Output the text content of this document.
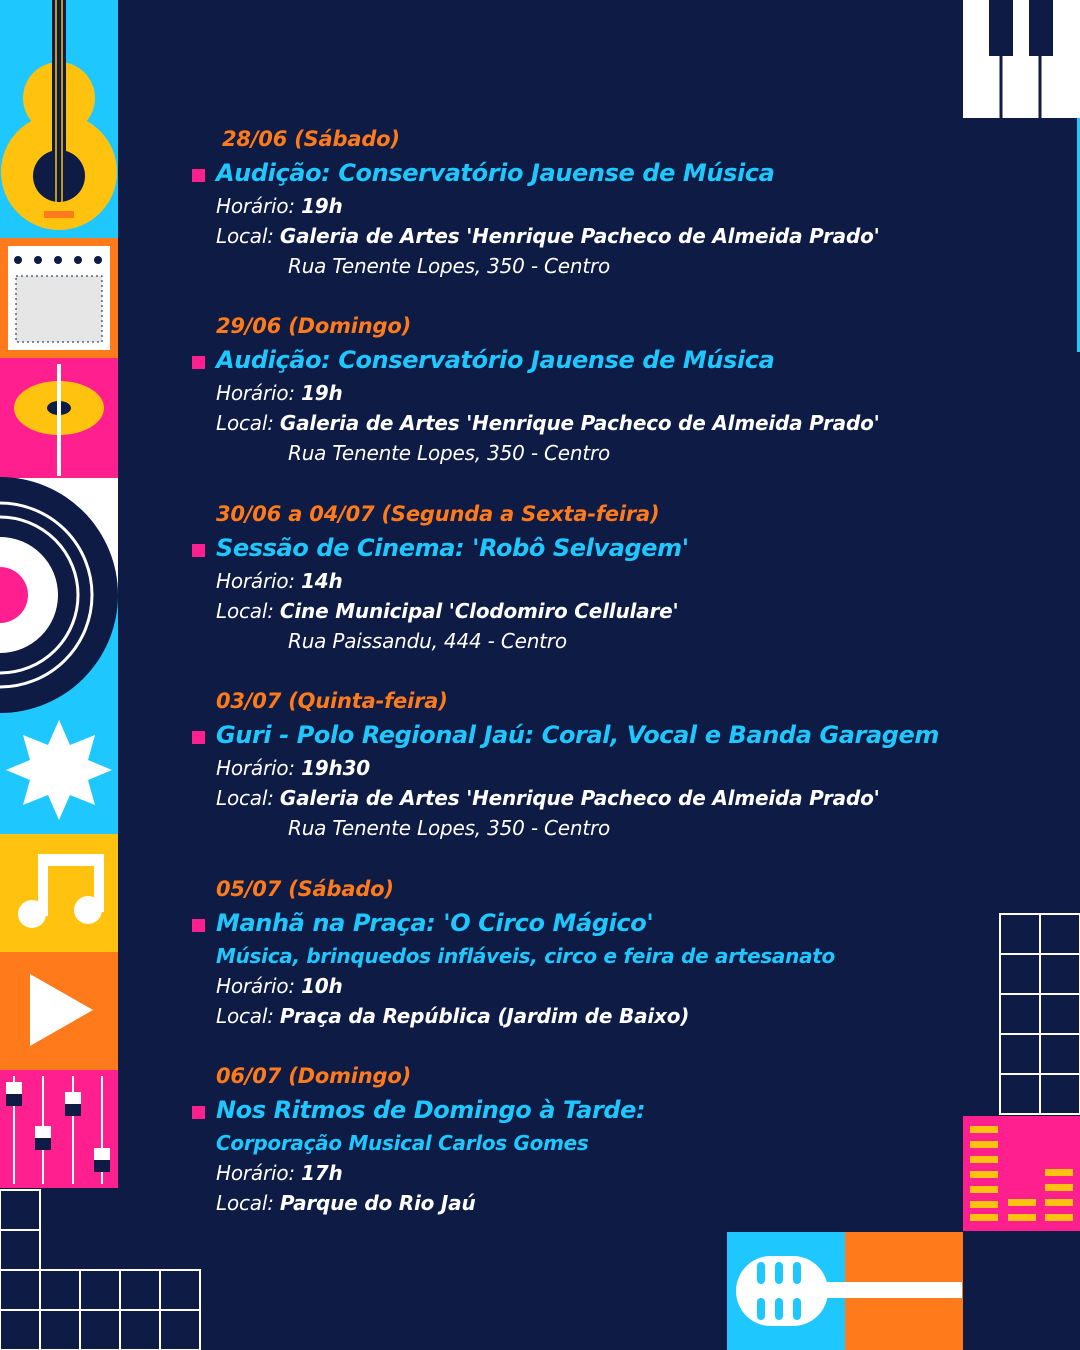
28/06 (Sábado)
Audição: Conservatório Jauense de Música
Horário: 19h
Local: Galeria de Artes 'Henrique Pacheco de Almeida Prado'
Rua Tenente Lopes, 350 - Centro
29/06 (Domingo)
Audição: Conservatório Jauense de Música
Horário: 19h
Local: Galeria de Artes 'Henrique Pacheco de Almeida Prado'
Rua Tenente Lopes, 350 - Centro
30/06 a 04/07 (Segunda a Sexta-feira)
Sessão de Cinema: 'Robô Selvagem'
Horário: 14h
Local: Cine Municipal 'Clodomiro Cellulare'
Rua Paissandu, 444 - Centro
03/07 (Quinta-feira)
Guri - Polo Regional Jaú: Coral, Vocal e Banda Garagem
Horário: 19h30
Local: Galeria de Artes 'Henrique Pacheco de Almeida Prado'
Rua Tenente Lopes, 350 - Centro
05/07 (Sábado)
Manhã na Praça: 'O Circo Mágico'
Música, brinquedos infláveis, circo e feira de artesanato
Horário: 10h
Local: Praça da República (Jardim de Baixo)
06/07 (Domingo)
Nos Ritmos de Domingo à Tarde:
Corporação Musical Carlos Gomes
Horário: 17h
Local: Parque do Rio Jaú
